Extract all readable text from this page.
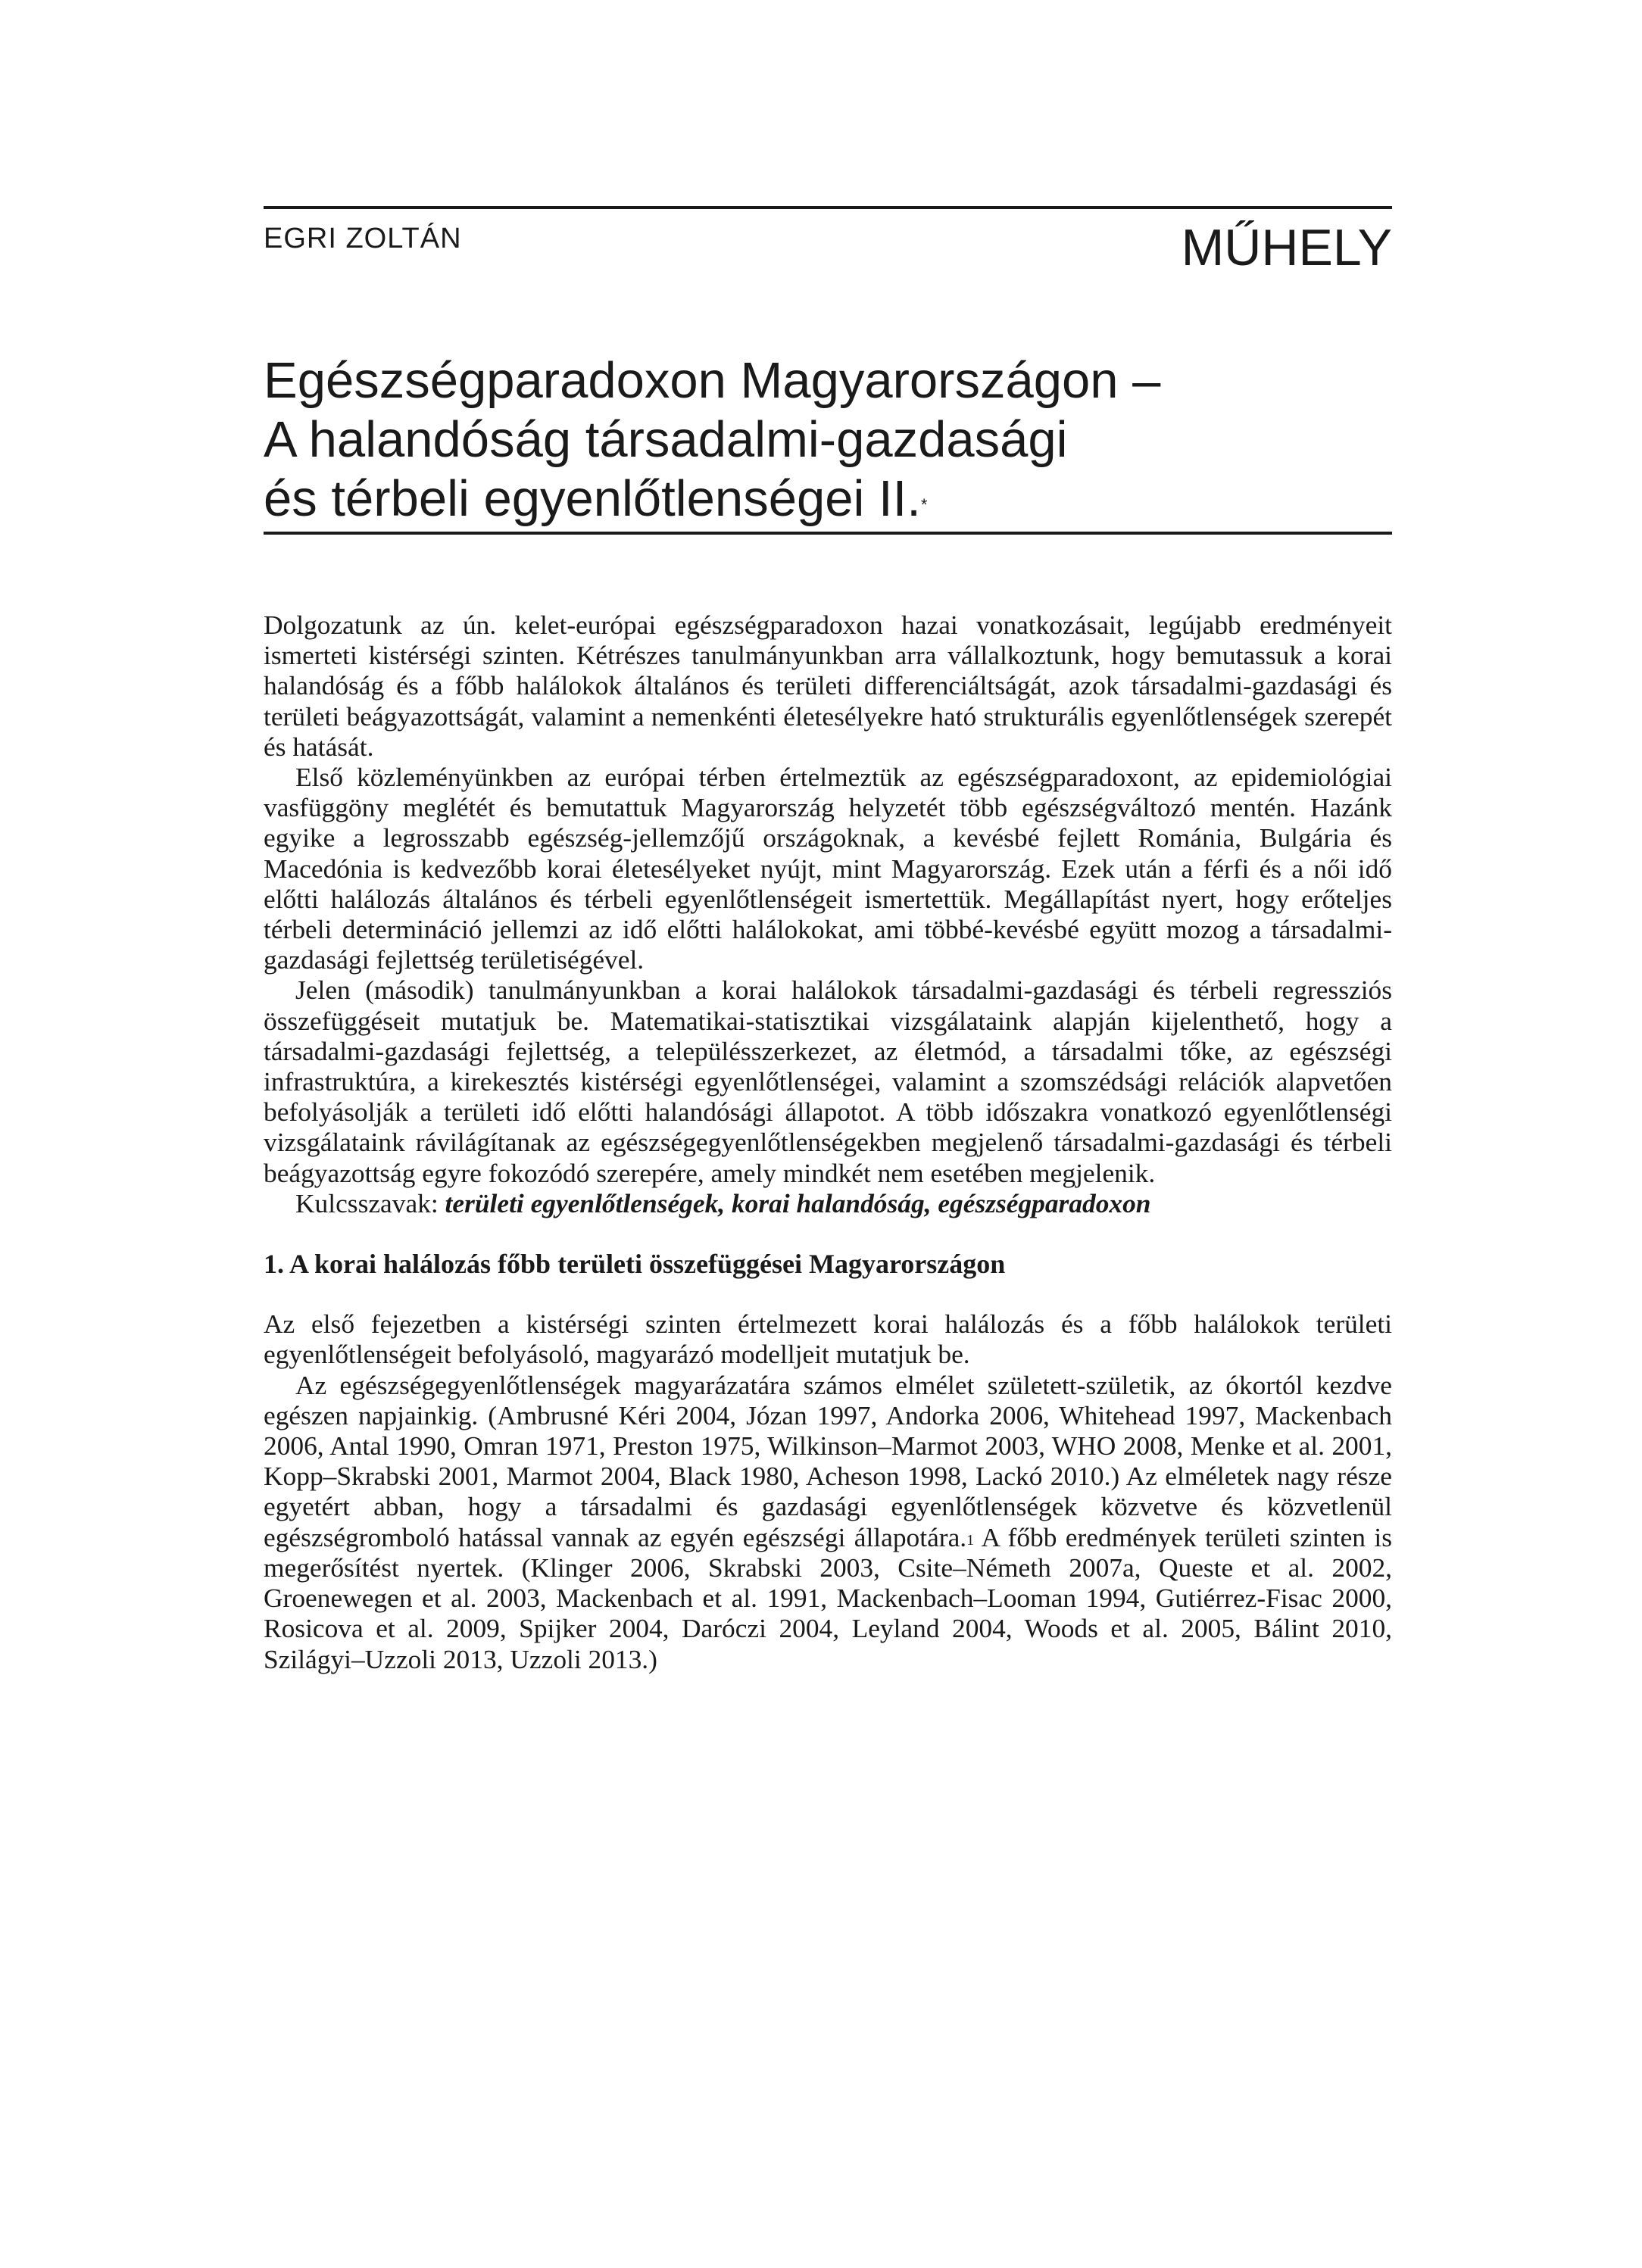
EGRI ZOLTÁN	MŰHELY
Egészségparadoxon Magyarországon –
A halandóság társadalmi-gazdasági
és térbeli egyenlőtlenségei II.*

Dolgozatunk az ún. kelet-európai egészségparadoxon hazai vonatkozásait, legújabb eredményeit ismerteti kistérségi szinten. Kétrészes tanulmányunkban arra vállalkoztunk, hogy bemutassuk a korai halandóság és a főbb halálokok általános és területi differenciáltságát, azok társadalmi-gazdasági és területi beágyazottságát, valamint a nemenkénti életesélyekre ható strukturális egyenlőtlenségek szerepét és hatását.

Első közleményünkben az európai térben értelmeztük az egészségparadoxont, az epidemiológiai vasfüggöny meglétét és bemutattuk Magyarország helyzetét több egészségváltozó mentén. Hazánk egyike a legrosszabb egészség-jellemzőjű országoknak, a kevésbé fejlett Románia, Bulgária és Macedónia is kedvezőbb korai életesélyeket nyújt, mint Magyarország. Ezek után a férfi és a női idő előtti halálozás általános és térbeli egyenlőtlenségeit ismertettük. Megállapítást nyert, hogy erőteljes térbeli determináció jellemzi az idő előtti halálokokat, ami többé-kevésbé együtt mozog a társadalmi-gazdasági fejlettség területiségével.

Jelen (második) tanulmányunkban a korai halálokok társadalmi-gazdasági és térbeli regressziós összefüggéseit mutatjuk be. Matematikai-statisztikai vizsgálataink alapján kijelenthető, hogy a társadalmi-gazdasági fejlettség, a településszerkezet, az életmód, a társadalmi tőke, az egészségi infrastruktúra, a kirekesztés kistérségi egyenlőtlenségei, valamint a szomszédsági relációk alapvetően befolyásolják a területi idő előtti halandósági állapotot. A több időszakra vonatkozó egyenlőtlenségi vizsgálataink rávilágítanak az egészségegyenlőtlenségekben megjelenő társadalmi-gazdasági és térbeli beágyazottság egyre fokozódó szerepére, amely mindkét nem esetében megjelenik.

Kulcsszavak: területi egyenlőtlenségek, korai halandóság, egészségparadoxon

1. A korai halálozás főbb területi összefüggései Magyarországon

Az első fejezetben a kistérségi szinten értelmezett korai halálozás és a főbb halálokok területi egyenlőtlenségeit befolyásoló, magyarázó modelljeit mutatjuk be.

Az egészségegyenlőtlenségek magyarázatára számos elmélet született-születik, az ókortól kezdve egészen napjainkig. (Ambrusné Kéri 2004, Józan 1997, Andorka 2006, Whitehead 1997, Mackenbach 2006, Antal 1990, Omran 1971, Preston 1975, Wilkinson–Marmot 2003, WHO 2008, Menke et al. 2001, Kopp–Skrabski 2001, Marmot 2004, Black 1980, Acheson 1998, Lackó 2010.) Az elméletek nagy része egyetért abban, hogy a társadalmi és gazdasági egyenlőtlenségek közvetve és közvetlenül egészségromboló hatással vannak az egyén egészségi állapotára.$^1$ A főbb eredmények területi szinten is megerősítést nyertek. (Klinger 2006, Skrabski 2003, Csite–Németh 2007a, Queste et al. 2002, Groenewegen et al. 2003, Mackenbach et al. 1991, Mackenbach–Looman 1994, Gutiérrez-Fisac 2000, Rosicova et al. 2009, Spijker 2004, Daróczi 2004, Leyland 2004, Woods et al. 2005, Bálint 2010, Szilágyi–Uzzoli 2013, Uzzoli 2013.)
